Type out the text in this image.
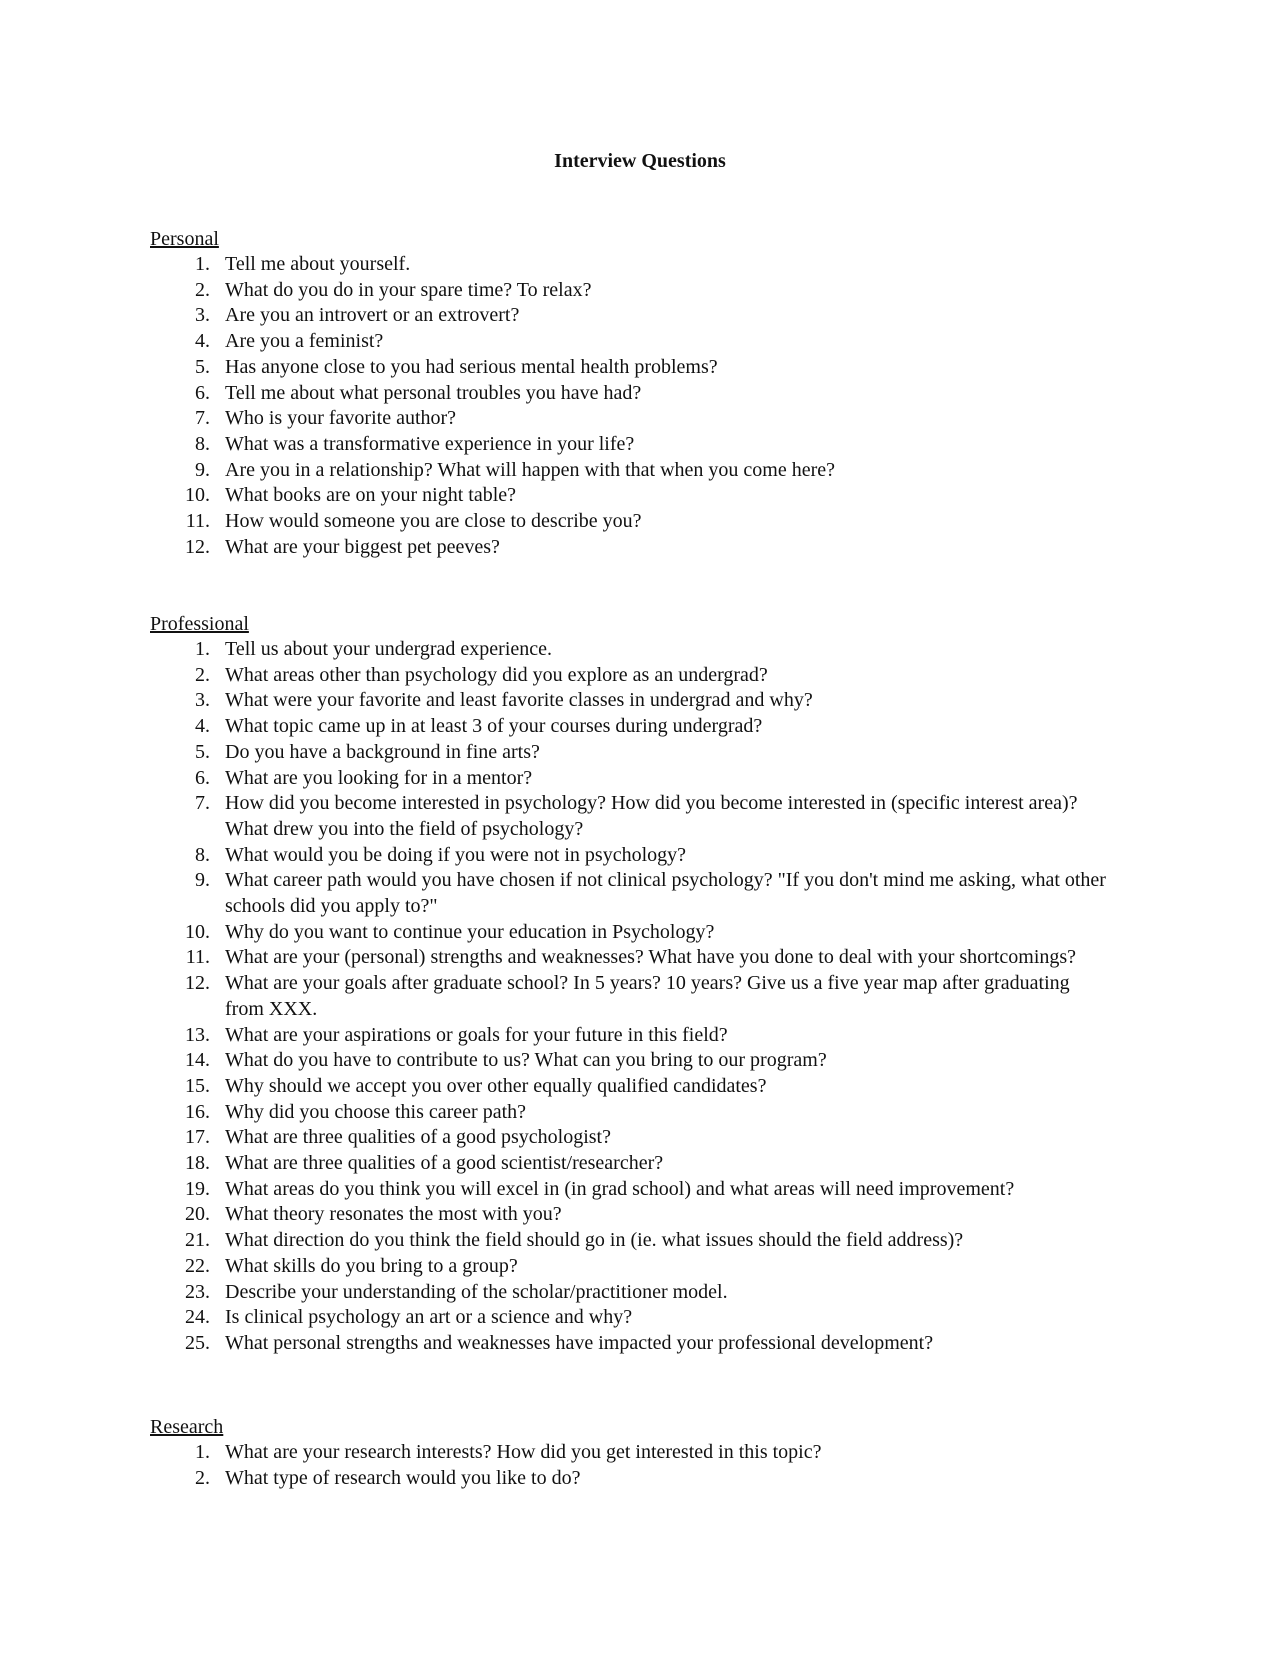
Interview Questions
Personal
1. Tell me about yourself.
2. What do you do in your spare time? To relax?
3. Are you an introvert or an extrovert?
4. Are you a feminist?
5. Has anyone close to you had serious mental health problems?
6. Tell me about what personal troubles you have had?
7. Who is your favorite author?
8. What was a transformative experience in your life?
9. Are you in a relationship? What will happen with that when you come here?
10. What books are on your night table?
11. How would someone you are close to describe you?
12. What are your biggest pet peeves?
Professional
1. Tell us about your undergrad experience.
2. What areas other than psychology did you explore as an undergrad?
3. What were your favorite and least favorite classes in undergrad and why?
4. What topic came up in at least 3 of your courses during undergrad?
5. Do you have a background in fine arts?
6. What are you looking for in a mentor?
7. How did you become interested in psychology? How did you become interested in (specific interest area)? What drew you into the field of psychology?
8. What would you be doing if you were not in psychology?
9. What career path would you have chosen if not clinical psychology? "If you don't mind me asking, what other schools did you apply to?"
10. Why do you want to continue your education in Psychology?
11. What are your (personal) strengths and weaknesses? What have you done to deal with your shortcomings?
12. What are your goals after graduate school? In 5 years? 10 years? Give us a five year map after graduating from XXX.
13. What are your aspirations or goals for your future in this field?
14. What do you have to contribute to us? What can you bring to our program?
15. Why should we accept you over other equally qualified candidates?
16. Why did you choose this career path?
17. What are three qualities of a good psychologist?
18. What are three qualities of a good scientist/researcher?
19. What areas do you think you will excel in (in grad school) and what areas will need improvement?
20. What theory resonates the most with you?
21. What direction do you think the field should go in (ie. what issues should the field address)?
22. What skills do you bring to a group?
23. Describe your understanding of the scholar/practitioner model.
24. Is clinical psychology an art or a science and why?
25. What personal strengths and weaknesses have impacted your professional development?
Research
1. What are your research interests? How did you get interested in this topic?
2. What type of research would you like to do?
